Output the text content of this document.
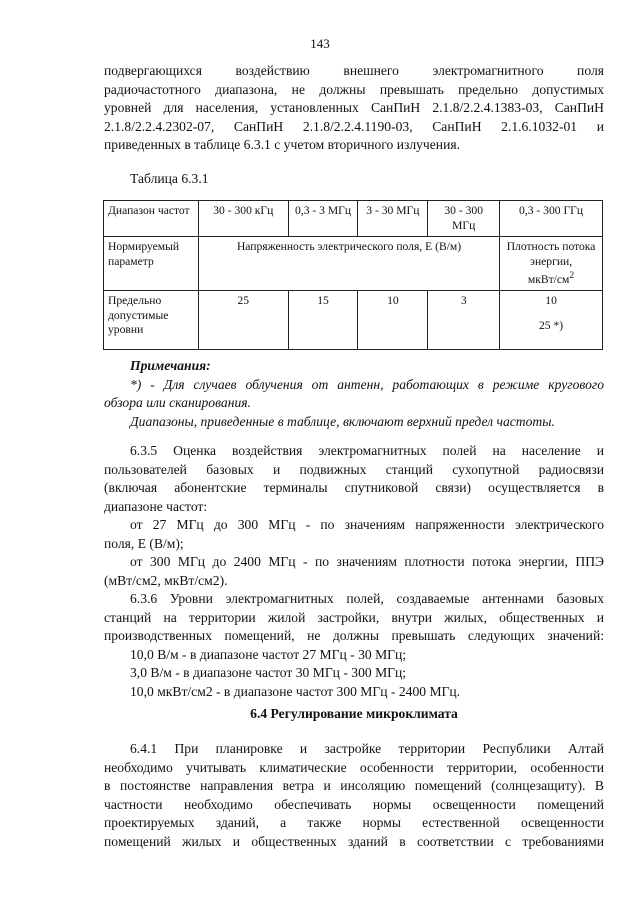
143
подвергающихся воздействию внешнего электромагнитного поля
радиочастотного диапазона, не должны превышать предельно допустимых
уровней для населения, установленных СанПиН 2.1.8/2.2.4.1383-03, СанПиН
2.1.8/2.2.4.2302-07, СанПиН 2.1.8/2.2.4.1190-03, СанПиН 2.1.6.1032-01 и
приведенных в таблице 6.3.1 с учетом вторичного излучения.
Таблица 6.3.1
Диапазон частот	30 - 300 кГц	0,3 - 3 МГц	3 - 30 МГц	30 - 300 МГц	0,3 - 300 ГГц
Нормируемый параметр	Напряженность электрического поля, Е (В/м)				Плотность потока энергии,
мкВт/$см^2$

Предельно допустимые уровни	25	15	10	3	10
25 *)
Примечания:
*) - Для случаев облучения от антенн, работающих в режиме кругового
обзора или сканирования.
Диапазоны, приведенные в таблице, включают верхний предел частоты.
6.3.5 Оценка воздействия электромагнитных полей на население и
пользователей базовых и подвижных станций сухопутной радиосвязи
(включая абонентские терминалы спутниковой связи) осуществляется в
диапазоне частот:
от 27 МГц до 300 МГц - по значениям напряженности электрического
поля, Е (В/м);
от 300 МГц до 2400 МГц - по значениям плотности потока энергии, ППЭ
(мВт/см2, мкВт/см2).
6.3.6 Уровни электромагнитных полей, создаваемые антеннами базовых
станций на территории жилой застройки, внутри жилых, общественных и
производственных помещений, не должны превышать следующих значений:
10,0 В/м - в диапазоне частот 27 МГц - 30 МГц;
3,0 В/м - в диапазоне частот 30 МГц - 300 МГц;
10,0 мкВт/см2 - в диапазоне частот 300 МГц - 2400 МГц.
6.4 Регулирование микроклимата
6.4.1 При планировке и застройке территории Республики Алтай
необходимо учитывать климатические особенности территории, особенности
в постоянстве направления ветра и инсоляцию помещений (солнцезащиту). В
частности необходимо обеспечивать нормы освещенности помещений
проектируемых зданий, а также нормы естественной освещенности
помещений жилых и общественных зданий в соответствии с требованиями
